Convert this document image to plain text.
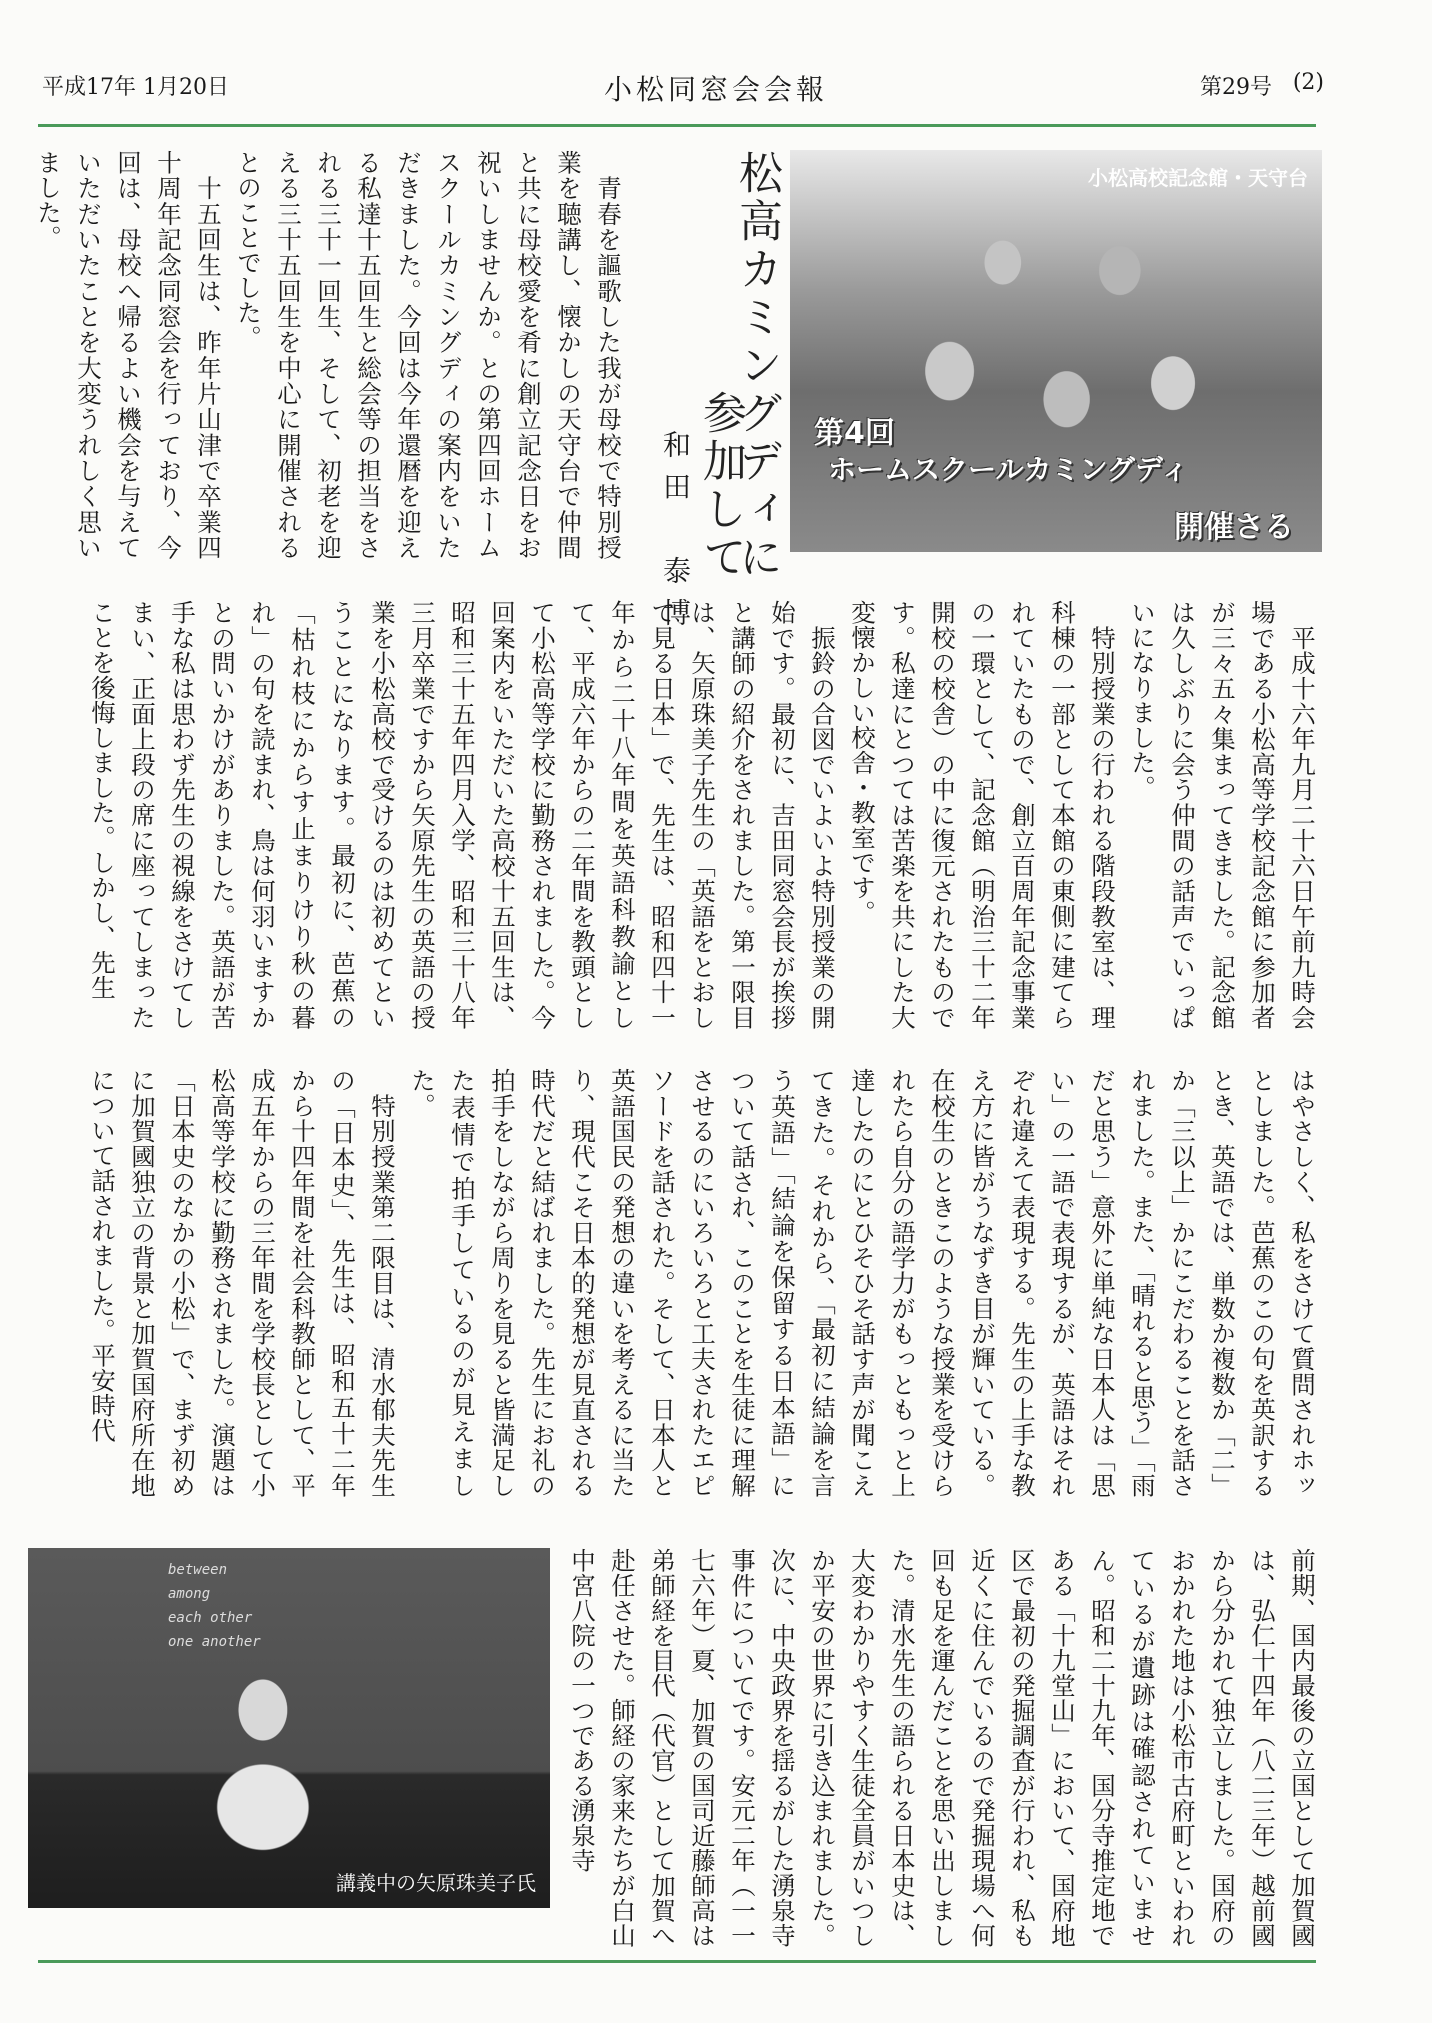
平成17年 1月20日	小松同窓会会報	第29号 (2)
小松高校記念館・天守台
第4回
ホームスクールカミングディ
開催さる
松高カミングディに
参加して
和田　泰博
　青春を謳歌した我が母校で特別授業を聴講し、懐かしの天守台で仲間と共に母校愛を肴に創立記念日をお祝いしませんか。との第四回ホームスクールカミングディの案内をいただきました。今回は今年還暦を迎える私達十五回生と総会等の担当をされる三十一回生、そして、初老を迎える三十五回生を中心に開催されるとのことでした。
　十五回生は、昨年片山津で卒業四十周年記念同窓会を行っており、今回は、母校へ帰るよい機会を与えていただいたことを大変うれしく思いました。
　平成十六年九月二十六日午前九時会場である小松高等学校記念館に参加者が三々五々集まってきました。記念館は久しぶりに会う仲間の話声でいっぱいになりました。
　特別授業の行われる階段教室は、理科棟の一部として本館の東側に建てられていたもので、創立百周年記念事業の一環として、記念館（明治三十二年開校の校舎）の中に復元されたものです。私達にとつては苦楽を共にした大変懐かしい校舎・教室です。
　振鈴の合図でいよいよ特別授業の開始です。最初に、吉田同窓会長が挨拶と講師の紹介をされました。第一限目は、矢原珠美子先生の「英語をとおして見る日本」で、先生は、昭和四十一年から二十八年間を英語科教諭として、平成六年からの二年間を教頭として小松高等学校に勤務されました。今回案内をいただいた高校十五回生は、昭和三十五年四月入学、昭和三十八年三月卒業ですから矢原先生の英語の授業を小松高校で受けるのは初めてということになります。最初に、芭蕉の「枯れ枝にからす止まりけり秋の暮れ」の句を読まれ、鳥は何羽いますかとの問いかけがありました。英語が苦手な私は思わず先生の視線をさけてしまい、正面上段の席に座ってしまったことを後悔しました。しかし、先生
はやさしく、私をさけて質問されホッとしました。芭蕉のこの句を英訳するとき、英語では、単数か複数か「二」か「三以上」かにこだわることを話されました。また、「晴れると思う」「雨だと思う」意外に単純な日本人は「思い」の一語で表現するが、英語はそれぞれ違えて表現する。先生の上手な教え方に皆がうなずき目が輝いている。在校生のときこのような授業を受けられたら自分の語学力がもっともっと上達したのにとひそひそ話す声が聞こえてきた。それから、「最初に結論を言う英語」「結論を保留する日本語」について話され、このことを生徒に理解させるのにいろいろと工夫されたエピソードを話された。そして、日本人と英語国民の発想の違いを考えるに当たり、現代こそ日本的発想が見直される時代だと結ばれました。先生にお礼の拍手をしながら周りを見ると皆満足した表情で拍手しているのが見えました。
　特別授業第二限目は、清水郁夫先生の「日本史」、先生は、昭和五十二年から十四年間を社会科教師として、平成五年からの三年間を学校長として小松高等学校に勤務されました。演題は「日本史のなかの小松」で、まず初めに加賀國独立の背景と加賀国府所在地について話されました。平安時代
前期、国内最後の立国として加賀國は、弘仁十四年（八二三年）越前國から分かれて独立しました。国府のおかれた地は小松市古府町といわれているが遺跡は確認されていません。昭和二十九年、国分寺推定地である「十九堂山」において、国府地区で最初の発掘調査が行われ、私も近くに住んでいるので発掘現場へ何回も足を運んだことを思い出しました。清水先生の語られる日本史は、大変わかりやすく生徒全員がいつしか平安の世界に引き込まれました。次に、中央政界を揺るがした湧泉寺事件についてです。安元二年（一一七六年）夏、加賀の国司近藤師高は弟師経を目代（代官）として加賀へ赴任させた。師経の家来たちが白山中宮八院の一つである湧泉寺
between
among
each other
one another
講義中の矢原珠美子氏
